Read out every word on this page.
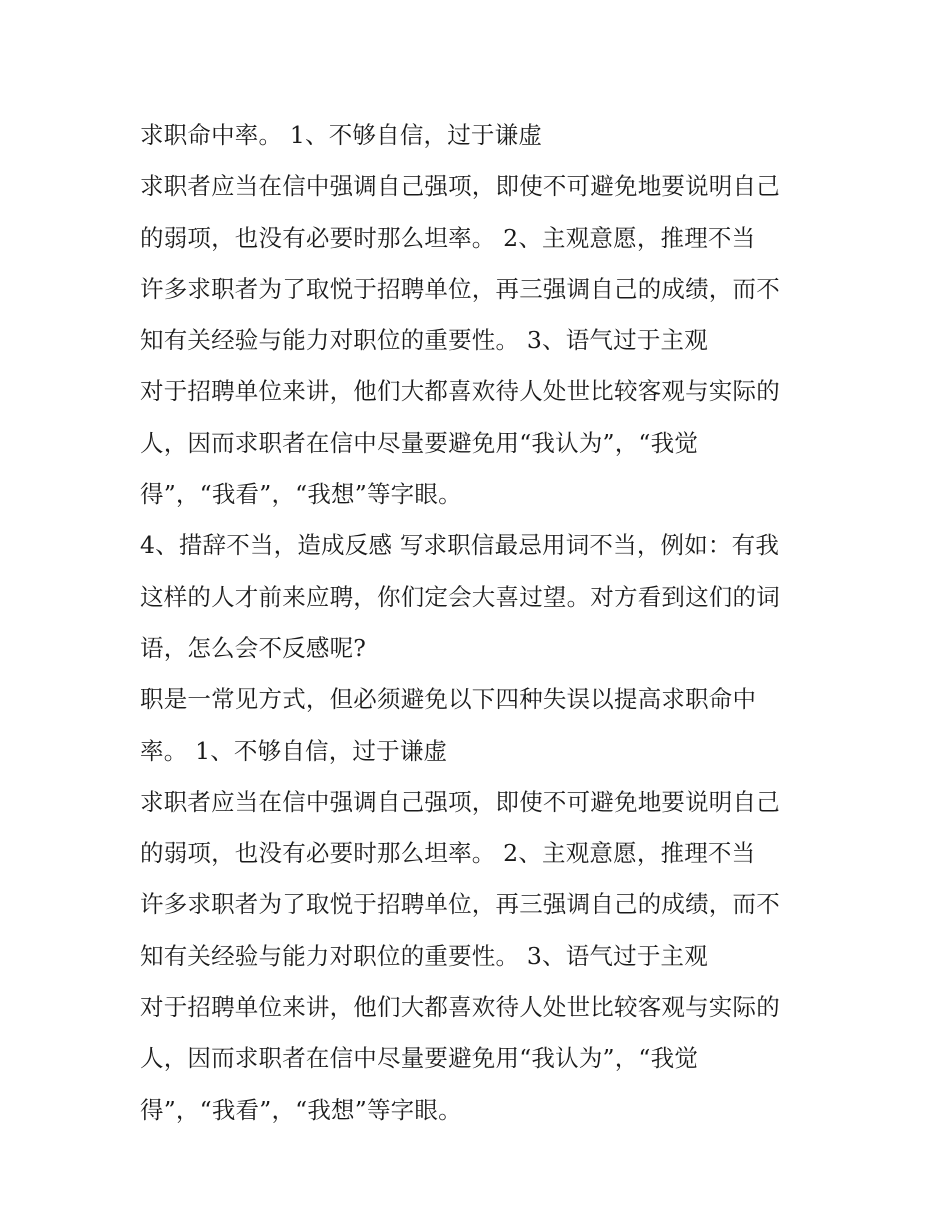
求职命中率。 1、不够自信，过于谦虚
求职者应当在信中强调自己强项，即使不可避免地要说明自己
的弱项，也没有必要时那么坦率。 2、主观意愿，推理不当
许多求职者为了取悦于招聘单位，再三强调自己的成绩，而不
知有关经验与能力对职位的重要性。 3、语气过于主观
对于招聘单位来讲，他们大都喜欢待人处世比较客观与实际的
人，因而求职者在信中尽量要避免用“我认为”，“我觉
得”，“我看”，“我想”等字眼。
4、措辞不当，造成反感 写求职信最忌用词不当，例如：有我
这样的人才前来应聘，你们定会大喜过望。对方看到这们的词
语，怎么会不反感呢?
职是一常见方式，但必须避免以下四种失误以提高求职命中
率。 1、不够自信，过于谦虚
求职者应当在信中强调自己强项，即使不可避免地要说明自己
的弱项，也没有必要时那么坦率。 2、主观意愿，推理不当
许多求职者为了取悦于招聘单位，再三强调自己的成绩，而不
知有关经验与能力对职位的重要性。 3、语气过于主观
对于招聘单位来讲，他们大都喜欢待人处世比较客观与实际的
人，因而求职者在信中尽量要避免用“我认为”，“我觉
得”，“我看”，“我想”等字眼。
